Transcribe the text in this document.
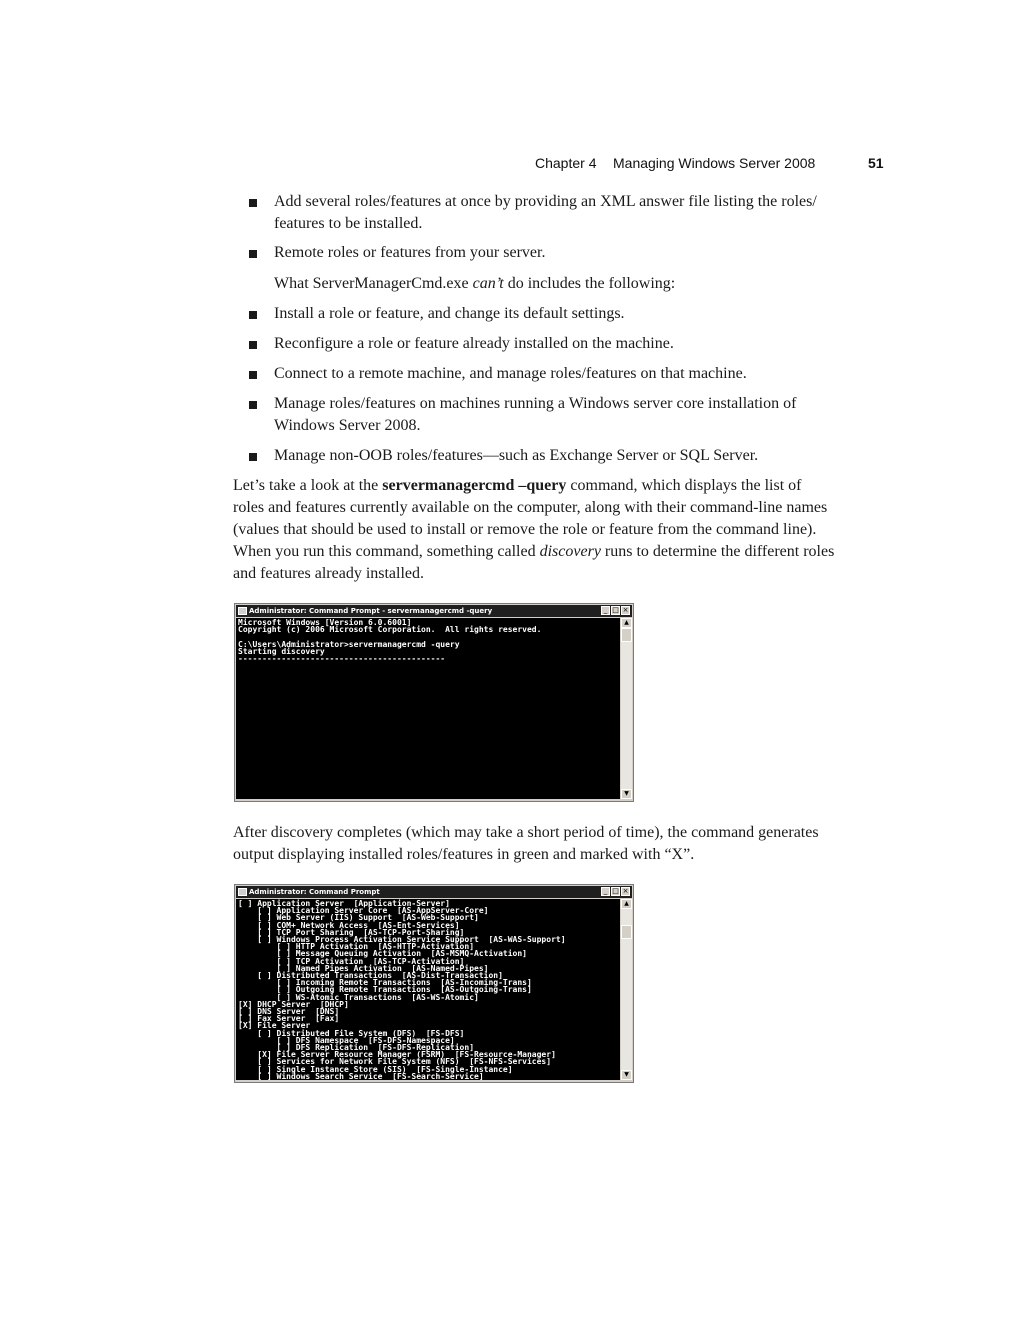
Chapter 4 Managing Windows Server 2008	51
Add several roles/features at once by providing an XML answer file listing the roles/
features to be installed.
Remote roles or features from your server.
What ServerManagerCmd.exe can’t do includes the following:
Install a role or feature, and change its default settings.
Reconfigure a role or feature already installed on the machine.
Connect to a remote machine, and manage roles/features on that machine.
Manage roles/features on machines running a Windows server core installation of
Windows Server 2008.
Manage non-OOB roles/features—such as Exchange Server or SQL Server.
Let’s take a look at the servermanagercmd –query command, which displays the list of
roles and features currently available on the computer, along with their command-line names
(values that should be used to install or remove the role or feature from the command line).
When you run this command, something called discovery runs to determine the different roles
and features already installed.
Administrator: Command Prompt - servermanagercmd -query	_ □ ×
Microsoft Windows [Version 6.0.6001]
Copyright (c) 2006 Microsoft Corporation.  All rights reserved.

C:\Users\Administrator>servermanagercmd -query
Starting discovery
-------------------------------------------
▲
▼
After discovery completes (which may take a short period of time), the command generates
output displaying installed roles/features in green and marked with “X”.
Administrator: Command Prompt	_ □ ×
[ ] Application Server  [Application-Server]
[ ] Application Server Core  [AS-AppServer-Core]
[ ] Web Server (IIS) Support  [AS-Web-Support]
[ ] COM+ Network Access  [AS-Ent-Services]
[ ] TCP Port Sharing  [AS-TCP-Port-Sharing]
[ ] Windows Process Activation Service Support  [AS-WAS-Support]
[ ] HTTP Activation  [AS-HTTP-Activation]
[ ] Message Queuing Activation  [AS-MSMQ-Activation]
[ ] TCP Activation  [AS-TCP-Activation]
[ ] Named Pipes Activation  [AS-Named-Pipes]
[ ] Distributed Transactions  [AS-Dist-Transaction]
[ ] Incoming Remote Transactions  [AS-Incoming-Trans]
[ ] Outgoing Remote Transactions  [AS-Outgoing-Trans]
[ ] WS-Atomic Transactions  [AS-WS-Atomic]
[X] DHCP Server  [DHCP]
[ ] DNS Server  [DNS]
[ ] Fax Server  [Fax]
[X] File Server
[ ] Distributed File System (DFS)  [FS-DFS]
[ ] DFS Namespace  [FS-DFS-Namespace]
[ ] DFS Replication  [FS-DFS-Replication]
[X] File Server Resource Manager (FSRM)  [FS-Resource-Manager]
[ ] Services for Network File System (NFS)  [FS-NFS-Services]
[ ] Single Instance Store (SIS)  [FS-Single-Instance]
[ ] Windows Search Service  [FS-Search-Service]
▲
▼
